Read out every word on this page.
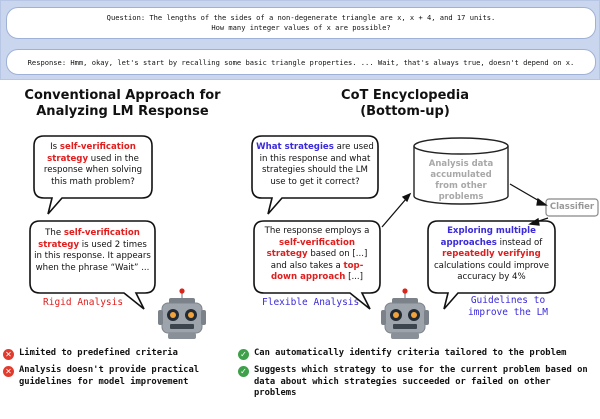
Question: The lengths of the sides of a non-degenerate triangle are x, x + 4, and 17 units.
How many integer values of x are possible?
Response: Hmm, okay, let's start by recalling some basic triangle properties. ... Wait, that's always true, doesn't depend on x.
Conventional Approach for
Analyzing LM Response
CoT Encyclopedia
(Bottom-up)
Is self-verification strategy used in the response when solving this math problem?
The self-verification strategy is used 2 times in this response. It appears when the phrase “Wait” ...
Rigid Analysis
What strategies are used in this response and what strategies should the LM use to get it correct?
The response employs a self-verification strategy based on [...] and also takes a top-down approach [...]
Flexible Analysis
Analysis data accumulated from other problems
Classifier
Exploring multiple approaches instead of repeatedly verifying calculations could improve accuracy by 4%
Guidelines to improve the LM
✕ Limited to predefined criteria
✕ Analysis doesn't provide practical guidelines for model improvement
✓ Can automatically identify criteria tailored to the problem
✓ Suggests which strategy to use for the current problem based on data about which strategies succeeded or failed on other problems
